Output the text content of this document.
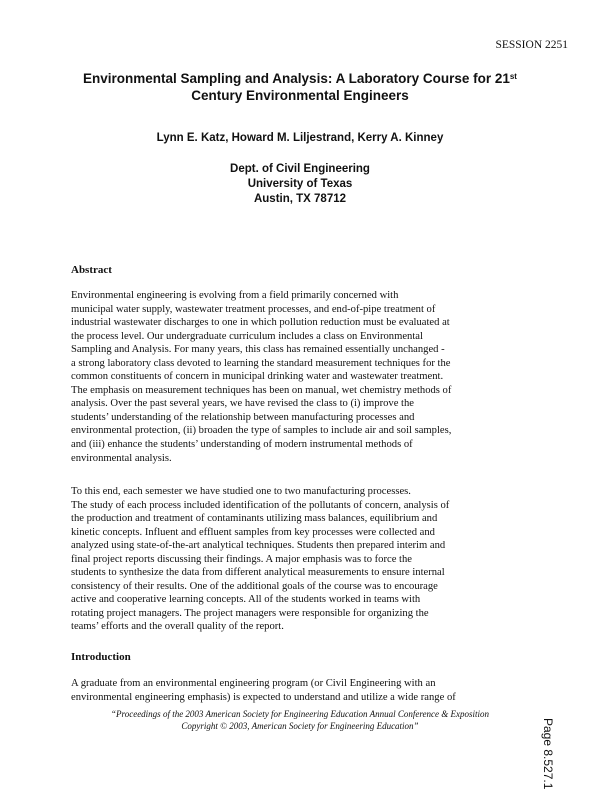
SESSION 2251
Environmental Sampling and Analysis: A Laboratory Course for 21st
Century Environmental Engineers
Lynn E. Katz, Howard M. Liljestrand, Kerry A. Kinney
Dept. of Civil Engineering
University of Texas
Austin, TX 78712
Abstract
Environmental engineering is evolving from a field primarily concerned with
municipal water supply, wastewater treatment processes, and end-of-pipe treatment of
industrial wastewater discharges to one in which pollution reduction must be evaluated at
the process level. Our undergraduate curriculum includes a class on Environmental
Sampling and Analysis. For many years, this class has remained essentially unchanged -
a strong laboratory class devoted to learning the standard measurement techniques for the
common constituents of concern in municipal drinking water and wastewater treatment.
The emphasis on measurement techniques has been on manual, wet chemistry methods of
analysis. Over the past several years, we have revised the class to (i) improve the
students’ understanding of the relationship between manufacturing processes and
environmental protection, (ii) broaden the type of samples to include air and soil samples,
and (iii) enhance the students’ understanding of modern instrumental methods of
environmental analysis.
To this end, each semester we have studied one to two manufacturing processes.
The study of each process included identification of the pollutants of concern, analysis of
the production and treatment of contaminants utilizing mass balances, equilibrium and
kinetic concepts. Influent and effluent samples from key processes were collected and
analyzed using state-of-the-art analytical techniques. Students then prepared interim and
final project reports discussing their findings. A major emphasis was to force the
students to synthesize the data from different analytical measurements to ensure internal
consistency of their results. One of the additional goals of the course was to encourage
active and cooperative learning concepts. All of the students worked in teams with
rotating project managers. The project managers were responsible for organizing the
teams’ efforts and the overall quality of the report.
Introduction
A graduate from an environmental engineering program (or Civil Engineering with an
environmental engineering emphasis) is expected to understand and utilize a wide range of
“Proceedings of the 2003 American Society for Engineering Education Annual Conference & Exposition
Copyright © 2003, American Society for Engineering Education”	Page 8.527.1
